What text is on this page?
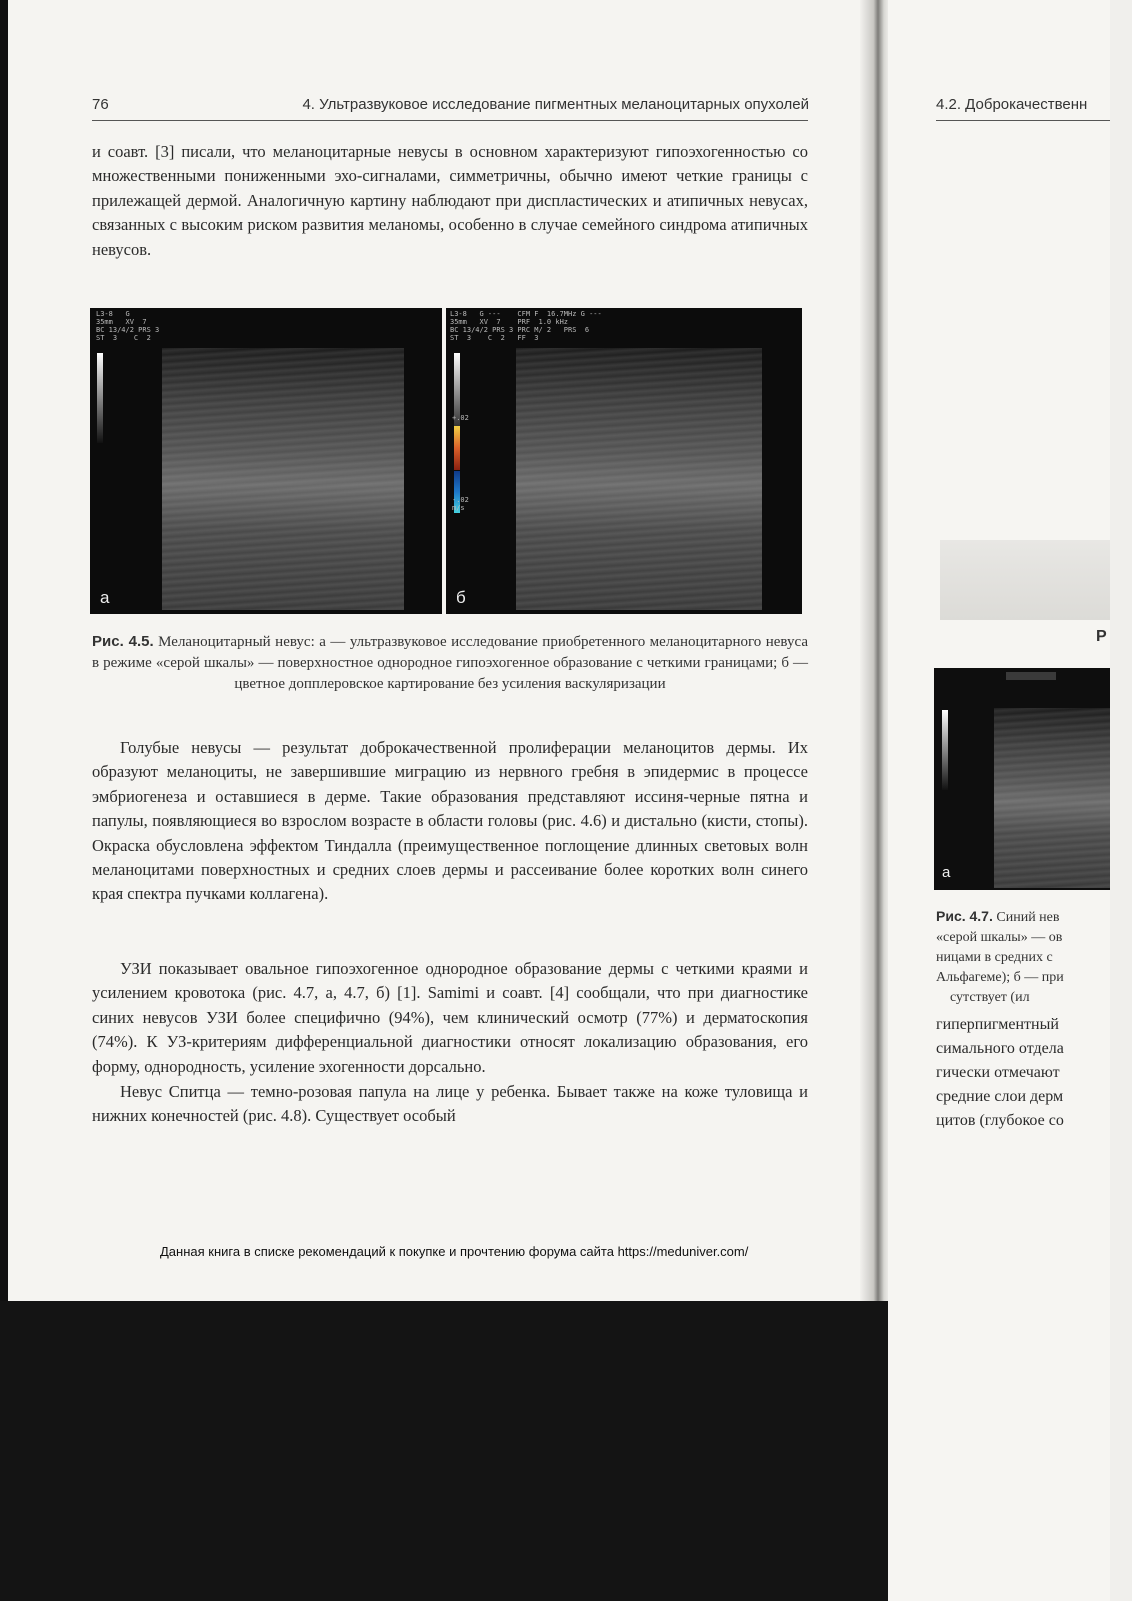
76	4. Ультразвуковое исследование пигментных меланоцитарных опухолей

и соавт. [3] писали, что меланоцитарные невусы в основном характеризуют гипоэхогенностью со множественными пониженными эхо-сигналами, симметричны, обычно имеют четкие границы с прилежащей дермой. Аналогичную картину наблюдают при диспластических и атипичных невусах, связанных с высоким риском развития меланомы, особенно в случае семейного синдрома атипичных невусов.

L3-8   G
35mm   XV  7
BC 13/4/2 PRS 3
ST  3    C  2
а
L3-8   G ---    CFM F  16.7MHz G ---
35mm   XV  7    PRF  1.0 kHz
BC 13/4/2 PRS 3 PRC M/ 2   PRS  6
ST  3    C  2   FF  3
+.02
-.02
m/s
б

Рис. 4.5. Меланоцитарный невус: а — ультразвуковое исследование приобретенного меланоцитарного невуса в режиме «серой шкалы» — поверхностное однородное гипоэхогенное образование с четкими границами; б — цветное допплеровское картирование без усиления васкуляризации

Голубые невусы — результат доброкачественной пролиферации меланоцитов дермы. Их образуют меланоциты, не завершившие миграцию из нервного гребня в эпидермис в процессе эмбриогенеза и оставшиеся в дерме. Такие образования представляют иссиня-черные пятна и папулы, появляющиеся во взрослом возрасте в области головы (рис. 4.6) и дистально (кисти, стопы). Окраска обусловлена эффектом Тиндалла (преимущественное поглощение длинных световых волн меланоцитами поверхностных и средних слоев дермы и рассеивание более коротких волн синего края спектра пучками коллагена).

УЗИ показывает овальное гипоэхогенное однородное образование дермы с четкими краями и усилением кровотока (рис. 4.7, а, 4.7, б) [1]. Samimi и соавт. [4] сообщали, что при диагностике синих невусов УЗИ более специфично (94%), чем клинический осмотр (77%) и дерматоскопия (74%). К УЗ-критериям дифференциальной диагностики относят локализацию образования, его форму, однородность, усиление эхогенности дорсально.

Невус Спитца — темно-розовая папула на лице у ребенка. Бывает также на коже туловища и нижних конечностей (рис. 4.8). Существует особый

Данная книга в списке рекомендаций к покупке и прочтению форума сайта https://meduniver.com/
4.2. Доброкачественн
Р
а
Рис. 4.7. Синий нев
«серой шкалы» — ов
ницами в средних с
Альфагеме); б — при
сутствует (ил
гиперпигментный
симального отдела
гически отмечают
средние слои дерм
цитов (глубокое со
